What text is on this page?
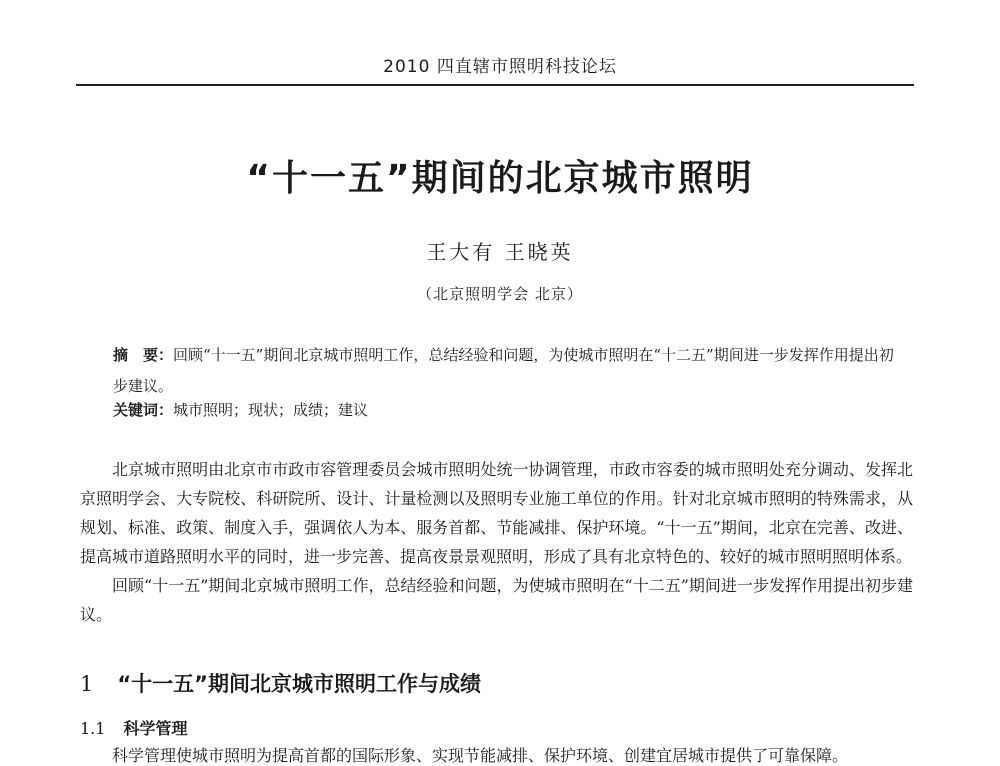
2010 四直辖市照明科技论坛
“十一五”期间的北京城市照明
王大有 王晓英
（北京照明学会 北京）
摘　要：回顾“十一五”期间北京城市照明工作，总结经验和问题，为使城市照明在“十二五”期间进一步发挥作用提出初步建议。
关键词：城市照明；现状；成绩；建议

北京城市照明由北京市市政市容管理委员会城市照明处统一协调管理，市政市容委的城市照明处充分调动、发挥北京照明学会、大专院校、科研院所、设计、计量检测以及照明专业施工单位的作用。针对北京城市照明的特殊需求，从规划、标准、政策、制度入手，强调依人为本、服务首都、节能减排、保护环境。“十一五”期间，北京在完善、改进、提高城市道路照明水平的同时，进一步完善、提高夜景景观照明，形成了具有北京特色的、较好的城市照明照明体系。

回顾“十一五”期间北京城市照明工作，总结经验和问题，为使城市照明在“十二五”期间进一步发挥作用提出初步建议。

1 “十一五”期间北京城市照明工作与成绩
1.1 科学管理
科学管理使城市照明为提高首都的国际形象、实现节能减排、保护环境、创建宜居城市提供了可靠保障。
